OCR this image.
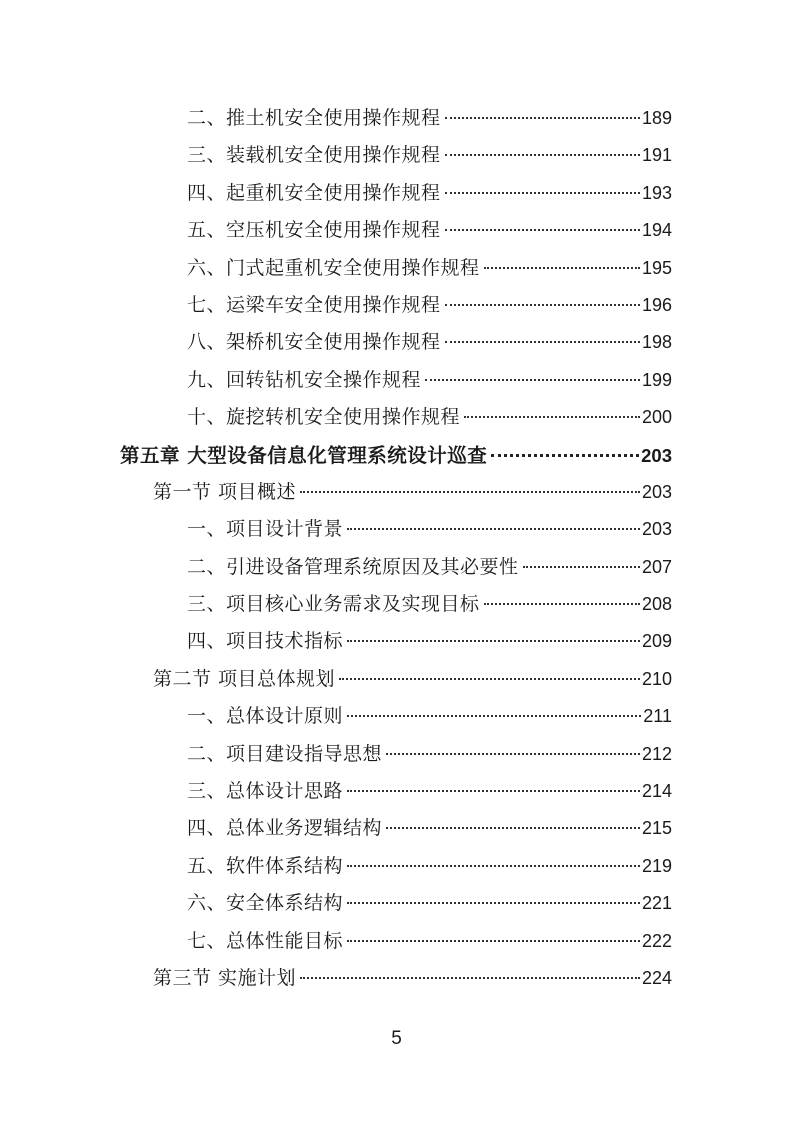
二、推土机安全使用操作规程	189
三、装载机安全使用操作规程	191
四、起重机安全使用操作规程	193
五、空压机安全使用操作规程	194
六、门式起重机安全使用操作规程	195
七、运梁车安全使用操作规程	196
八、架桥机安全使用操作规程	198
九、回转钻机安全操作规程	199
十、旋挖转机安全使用操作规程	200
第五章 大型设备信息化管理系统设计巡查	203
第一节 项目概述	203
一、项目设计背景	203
二、引进设备管理系统原因及其必要性	207
三、项目核心业务需求及实现目标	208
四、项目技术指标	209
第二节 项目总体规划	210
一、总体设计原则	211
二、项目建设指导思想	212
三、总体设计思路	214
四、总体业务逻辑结构	215
五、软件体系结构	219
六、安全体系结构	221
七、总体性能目标	222
第三节 实施计划	224
5
